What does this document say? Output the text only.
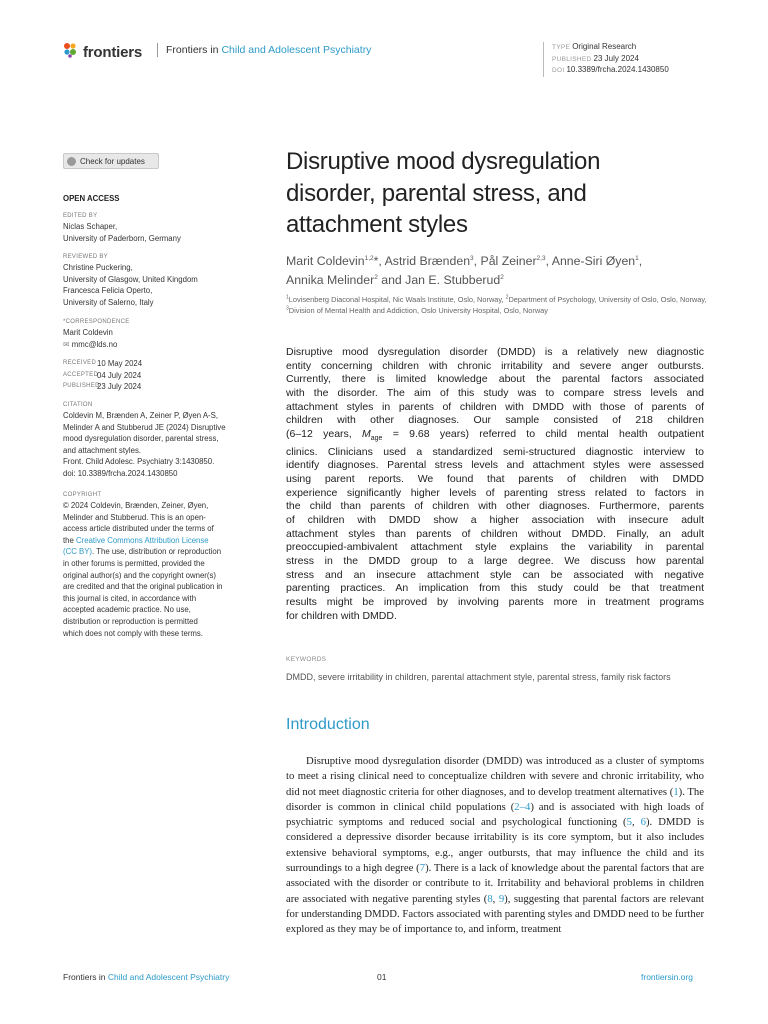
frontiers	Frontiers in Child and Adolescent Psychiatry	TYPE Original Research
PUBLISHED 23 July 2024
DOI 10.3389/frcha.2024.1430850
Check for updates
OPEN ACCESS
EDITED BY
Niclas Schaper,
University of Paderborn, Germany
REVIEWED BY
Christine Puckering,
University of Glasgow, United Kingdom
Francesca Felicia Operto,
University of Salerno, Italy
*CORRESPONDENCE
Marit Coldevin
✉ mmc@lds.no
RECEIVED 10 May 2024
ACCEPTED
04 July 2024
PUBLISHED
23 July 2024
CITATION
Coldevin M, Brænden A, Zeiner P, Øyen A-S,
Melinder A and Stubberud JE (2024) Disruptive
mood dysregulation disorder, parental stress,
and attachment styles.
Front. Child Adolesc. Psychiatry 3:1430850.
doi: 10.3389/frcha.2024.1430850
COPYRIGHT
© 2024 Coldevin, Brænden, Zeiner, Øyen,
Melinder and Stubberud. This is an open-
access article distributed under the terms of
the Creative Commons Attribution License
(CC BY). The use, distribution or reproduction
in other forums is permitted, provided the
original author(s) and the copyright owner(s)
are credited and that the original publication in
this journal is cited, in accordance with
accepted academic practice. No use,
distribution or reproduction is permitted
which does not comply with these terms.
Disruptive mood dysregulation
disorder, parental stress, and
attachment styles
Marit Coldevin$^{1,2}$*, Astrid Brænden$^3$, Pål Zeiner$^{2,3}$, Anne-Siri Øyen$^1$,
Annika Melinder$^2$ and Jan E. Stubberud$^2$
$^1$Lovisenberg Diaconal Hospital, Nic Waals Institute, Oslo, Norway, $^2$Department of Psychology, University of Oslo, Oslo, Norway, $^3$Division of Mental Health and Addiction, Oslo University Hospital, Oslo, Norway
Disruptive mood dysregulation disorder (DMDD) is a relatively new diagnostic
entity concerning children with chronic irritability and severe anger outbursts.
Currently, there is limited knowledge about the parental factors associated
with the disorder. The aim of this study was to compare stress levels and
attachment styles in parents of children with DMDD with those of parents of
children with other diagnoses. Our sample consisted of 218 children
(6–12 years, $M_{age} = 9.68$ years) referred to child mental health outpatient
clinics. Clinicians used a standardized semi-structured diagnostic interview to
identify diagnoses. Parental stress levels and attachment styles were assessed
using parent reports. We found that parents of children with DMDD
experience significantly higher levels of parenting stress related to factors in
the child than parents of children with other diagnoses. Furthermore, parents
of children with DMDD show a higher association with insecure adult
attachment styles than parents of children without DMDD. Finally, an adult
preoccupied-ambivalent attachment style explains the variability in parental
stress in the DMDD group to a large degree. We discuss how parental
stress and an insecure attachment style can be associated with negative
parenting practices. An implication from this study could be that treatment
results might be improved by involving parents more in treatment programs
for children with DMDD.
KEYWORDS
DMDD, severe irritability in children, parental attachment style, parental stress, family risk factors
Introduction

Disruptive mood dysregulation disorder (DMDD) was introduced as a cluster of symptoms to meet a rising clinical need to conceptualize children with severe and chronic irritability, who did not meet diagnostic criteria for other diagnoses, and to develop treatment alternatives (1). The disorder is common in clinical child populations (2–4) and is associated with high loads of psychiatric symptoms and reduced social and psychological functioning (5, 6). DMDD is considered a depressive disorder because irritability is its core symptom, but it also includes extensive behavioral symptoms, e.g., anger outbursts, that may influence the child and its surroundings to a high degree (7). There is a lack of knowledge about the parental factors that are associated with the disorder or contribute to it. Irritability and behavioral problems in children are associated with negative parenting styles (8, 9), suggesting that parental factors are relevant for understanding DMDD. Factors associated with parenting styles and DMDD need to be further explored as they may be of importance to, and inform, treatment

Frontiers in Child and Adolescent Psychiatry	01	frontiersin.org
